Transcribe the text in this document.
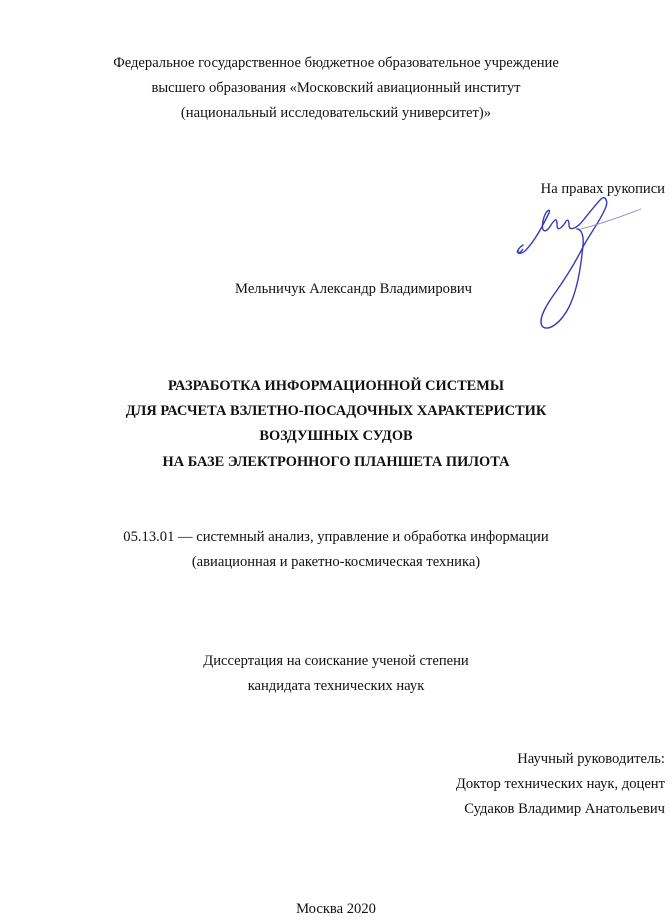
Федеральное государственное бюджетное образовательное учреждение
высшего образования «Московский авиационный институт
(национальный исследовательский университет)»
На правах рукописи
Мельничук Александр Владимирович
РАЗРАБОТКА ИНФОРМАЦИОННОЙ СИСТЕМЫ
ДЛЯ РАСЧЕТА ВЗЛЕТНО-ПОСАДОЧНЫХ ХАРАКТЕРИСТИК
ВОЗДУШНЫХ СУДОВ
НА БАЗЕ ЭЛЕКТРОННОГО ПЛАНШЕТА ПИЛОТА
05.13.01 — системный анализ, управление и обработка информации
(авиационная и ракетно-космическая техника)
Диссертация на соискание ученой степени
кандидата технических наук
Научный руководитель:
Доктор технических наук, доцент
Судаков Владимир Анатольевич
Москва 2020
